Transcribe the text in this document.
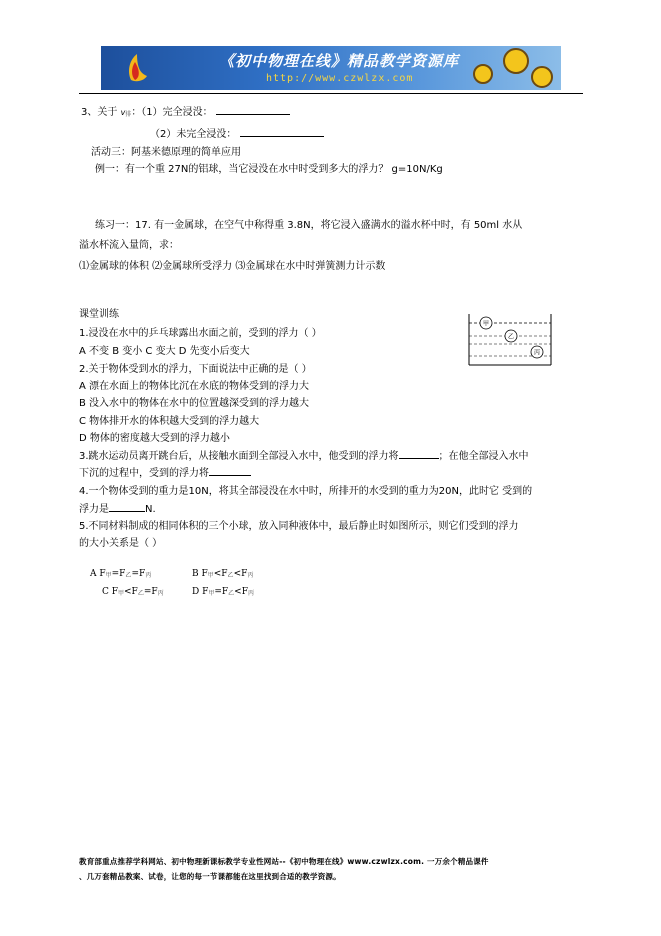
《初中物理在线》精品教学资源库
http://www.czwlzx.com
3、关于 v排：（1）完全浸没：
（2）未完全浸没：
活动三：阿基米德原理的简单应用
例一：有一个重 27N的铝球，当它浸没在水中时受到多大的浮力？ g=10N/Kg
练习一：17. 有一金属球，在空气中称得重 3.8N，将它浸入盛满水的溢水杯中时，有 50ml 水从
溢水杯流入量筒，求：
⑴金属球的体积 ⑵金属球所受浮力 ⑶金属球在水中时弹簧测力计示数
课堂训练
1.浸没在水中的乒乓球露出水面之前，受到的浮力（ ）
A 不变 B 变小 C 变大 D 先变小后变大
2.关于物体受到水的浮力，下面说法中正确的是（ ）
A 漂在水面上的物体比沉在水底的物体受到的浮力大
B 没入水中的物体在水中的位置越深受到的浮力越大
C 物体排开水的体积越大受到的浮力越大
D 物体的密度越大受到的浮力越小
3.跳水运动员离开跳台后，从接触水面到全部浸入水中，他受到的浮力将	；在他全部浸入水中
下沉的过程中，受到的浮力将
4.一个物体受到的重力是10N，将其全部浸没在水中时，所排开的水受到的重力为20N，此时它 受到的
浮力是	N.
5.不同材料制成的相同体积的三个小球，放入同种液体中，最后静止时如图所示，则它们受到的浮力
的大小关系是（ ）
甲
乙
丙
A F甲=F乙=F丙	B F甲<F乙<F丙
C F甲<F乙=F丙	D F甲=F乙<F丙
教育部重点推荐学科网站、初中物理新课标教学专业性网站--《初中物理在线》www.czwlzx.com. 一万余个精品课件
、几万套精品教案、试卷，让您的每一节课都能在这里找到合适的教学资源。
